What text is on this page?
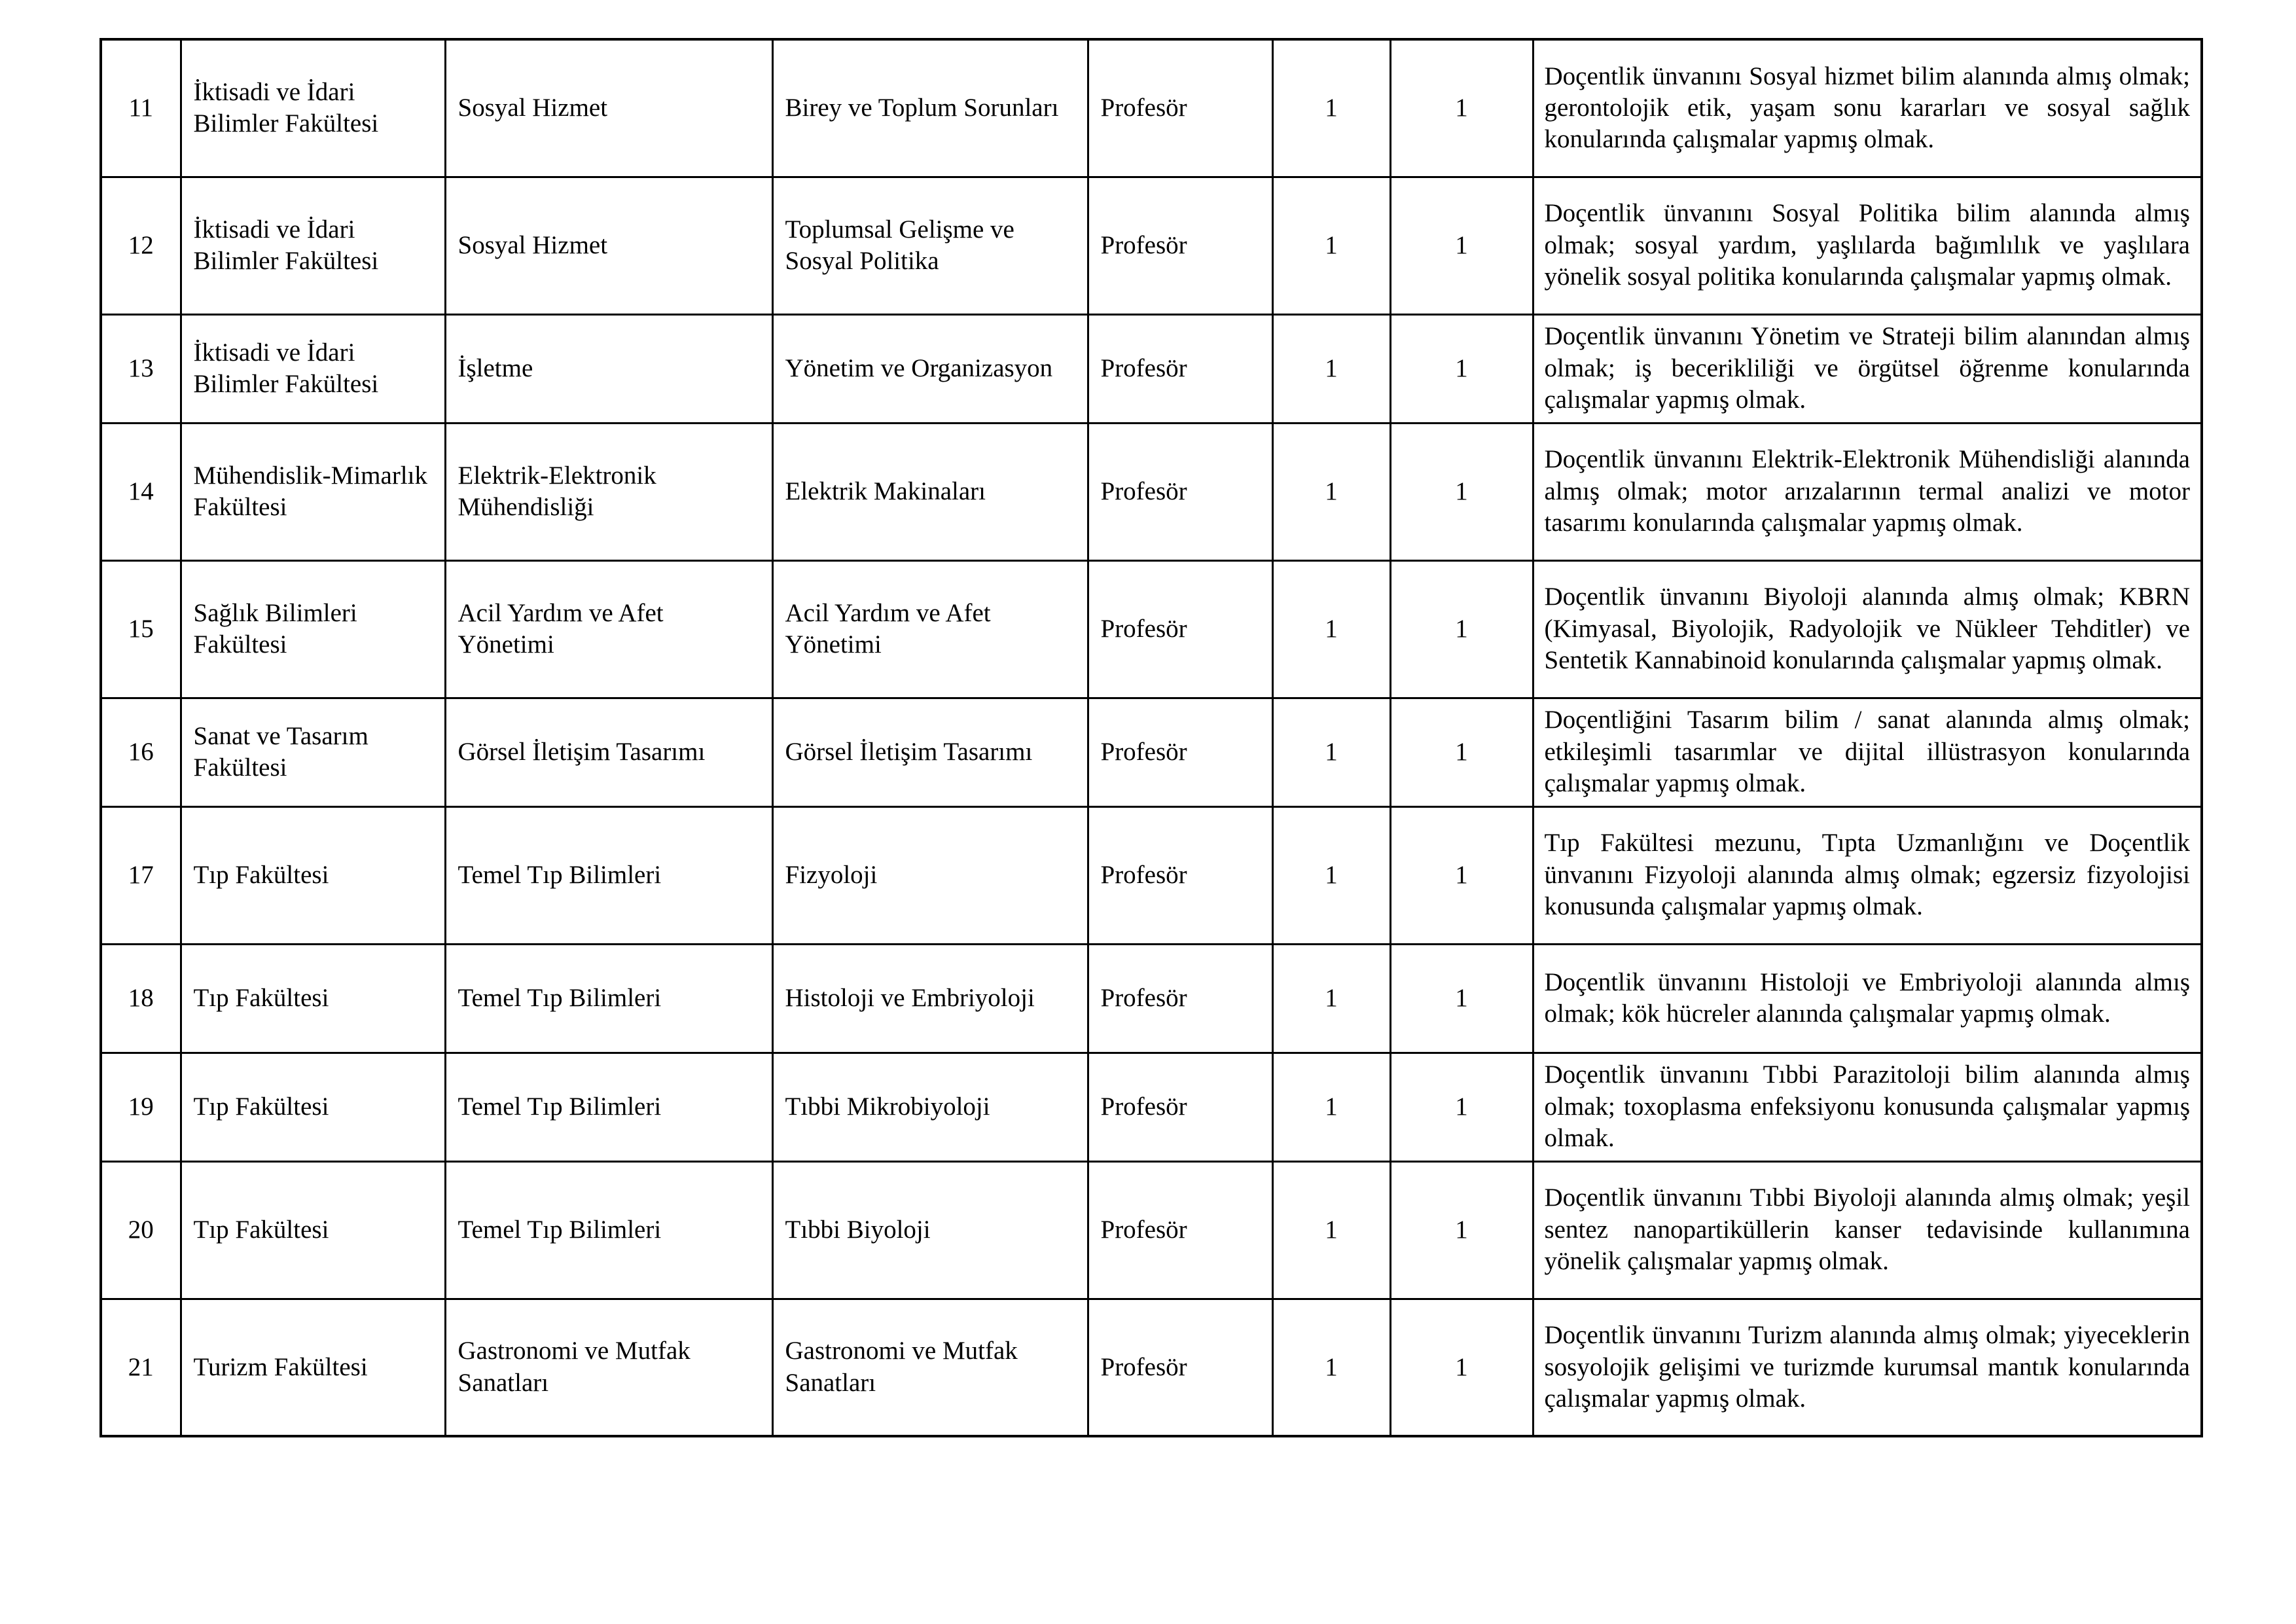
11	İktisadi ve İdari Bilimler Fakültesi	Sosyal Hizmet	Birey ve Toplum Sorunları	Profesör	1	1	Doçentlik ünvanını Sosyal hizmet bilim alanında almış olmak; gerontolojik etik, yaşam sonu kararları ve sosyal sağlık konularında çalışmalar yapmış olmak.
12	İktisadi ve İdari Bilimler Fakültesi	Sosyal Hizmet	Toplumsal Gelişme ve Sosyal Politika	Profesör	1	1	Doçentlik ünvanını Sosyal Politika bilim alanında almış olmak; sosyal yardım, yaşlılarda bağımlılık ve yaşlılara yönelik sosyal politika konularında çalışmalar yapmış olmak.
13	İktisadi ve İdari Bilimler Fakültesi	İşletme	Yönetim ve Organizasyon	Profesör	1	1	Doçentlik ünvanını Yönetim ve Strateji bilim alanından almış olmak; iş becerikliliği ve örgütsel öğrenme konularında çalışmalar yapmış olmak.
14	Mühendislik-Mimarlık Fakültesi	Elektrik-Elektronik Mühendisliği	Elektrik Makinaları	Profesör	1	1	Doçentlik ünvanını Elektrik-Elektronik Mühendisliği alanında almış olmak; motor arızalarının termal analizi ve motor tasarımı konularında çalışmalar yapmış olmak.
15	Sağlık Bilimleri Fakültesi	Acil Yardım ve Afet Yönetimi	Acil Yardım ve Afet Yönetimi	Profesör	1	1	Doçentlik ünvanını Biyoloji alanında almış olmak; KBRN (Kimyasal, Biyolojik, Radyolojik ve Nükleer Tehditler) ve Sentetik Kannabinoid konularında çalışmalar yapmış olmak.
16	Sanat ve Tasarım Fakültesi	Görsel İletişim Tasarımı	Görsel İletişim Tasarımı	Profesör	1	1	Doçentliğini Tasarım bilim / sanat alanında almış olmak; etkileşimli tasarımlar ve dijital illüstrasyon konularında çalışmalar yapmış olmak.
17	Tıp Fakültesi	Temel Tıp Bilimleri	Fizyoloji	Profesör	1	1	Tıp Fakültesi mezunu, Tıpta Uzmanlığını ve Doçentlik ünvanını Fizyoloji alanında almış olmak; egzersiz fizyolojisi konusunda çalışmalar yapmış olmak.
18	Tıp Fakültesi	Temel Tıp Bilimleri	Histoloji ve Embriyoloji	Profesör	1	1	Doçentlik ünvanını Histoloji ve Embriyoloji alanında almış olmak; kök hücreler alanında çalışmalar yapmış olmak.
19	Tıp Fakültesi	Temel Tıp Bilimleri	Tıbbi Mikrobiyoloji	Profesör	1	1	Doçentlik ünvanını Tıbbi Parazitoloji bilim alanında almış olmak; toxoplasma enfeksiyonu konusunda çalışmalar yapmış olmak.
20	Tıp Fakültesi	Temel Tıp Bilimleri	Tıbbi Biyoloji	Profesör	1	1	Doçentlik ünvanını Tıbbi Biyoloji alanında almış olmak; yeşil sentez nanopartiküllerin kanser tedavisinde kullanımına yönelik çalışmalar yapmış olmak.
21	Turizm Fakültesi	Gastronomi ve Mutfak Sanatları	Gastronomi ve Mutfak Sanatları	Profesör	1	1	Doçentlik ünvanını Turizm alanında almış olmak; yiyeceklerin sosyolojik gelişimi ve turizmde kurumsal mantık konularında çalışmalar yapmış olmak.
